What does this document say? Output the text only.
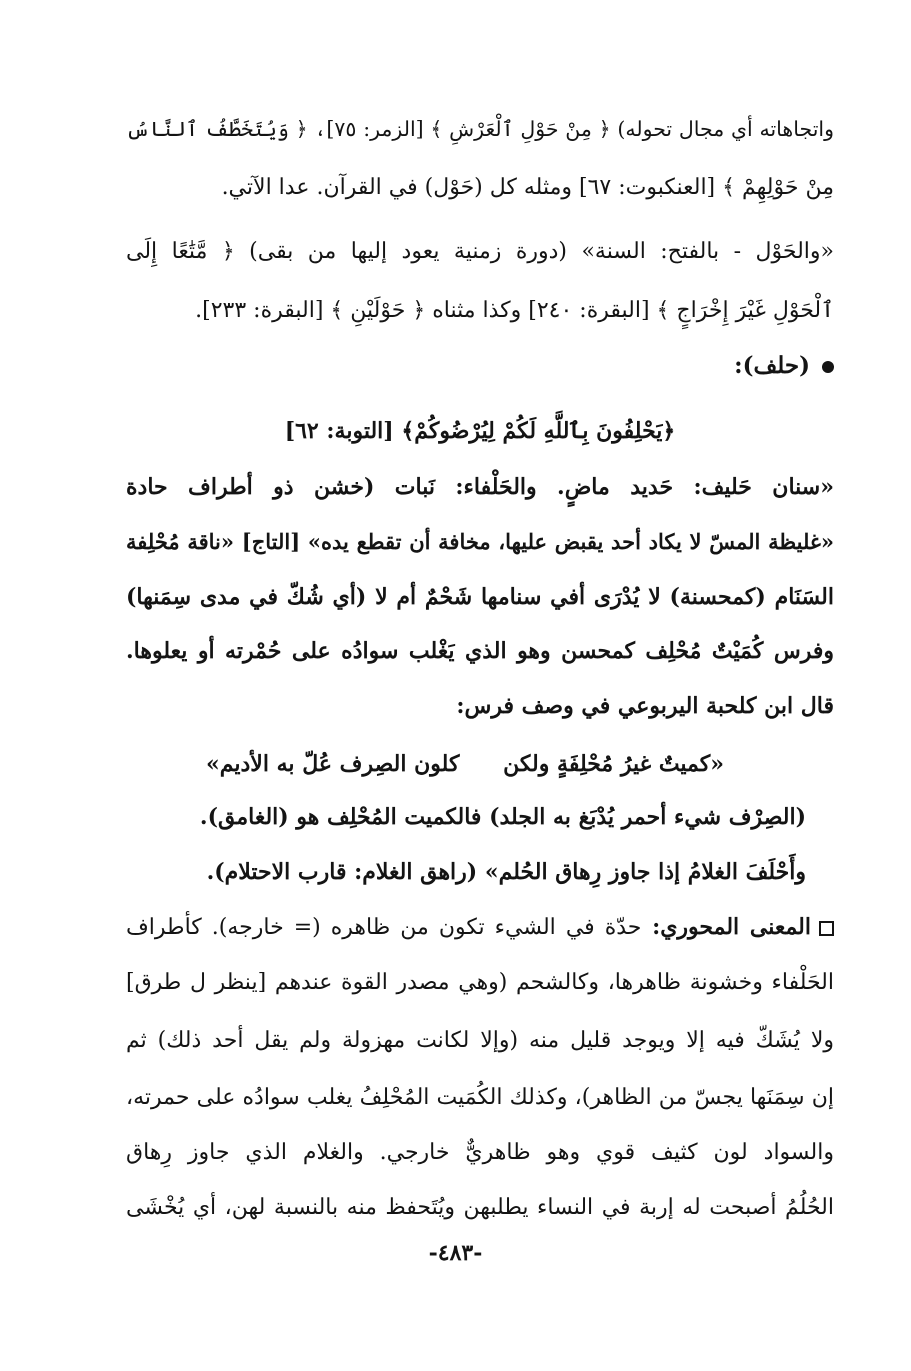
واتجاهاته أي مجال تحوله) ﴿ مِنْ حَوْلِ ٱلْعَرْشِ ﴾ [الزمر: ٧٥]، ﴿ وَيُتَخَطَّفُ ٱلنَّاسُ
مِنْ حَوْلِهِمْ ﴾ [العنكبوت: ٦٧] ومثله كل (حَوْل) في القرآن. عدا الآتي.
«والحَوْل - بالفتح: السنة» (دورة زمنية يعود إليها من بقى) ﴿ مَّتَٰعًا إِلَى
ٱلْحَوْلِ غَيْرَ إِخْرَاجٍ ﴾ [البقرة: ٢٤٠] وكذا مثناه ﴿ حَوْلَيْنِ ﴾ [البقرة: ٢٣٣].
(حلف):
﴿يَحْلِفُونَ بِٱللَّهِ لَكُمْ لِيُرْضُوكُمْ﴾ [التوبة: ٦٢]
«سنان حَليف: حَديد ماضٍ. والحَلْفاء: نَبات (خشن ذو أطراف حادة
«غليظة المسّ لا يكاد أحد يقبض عليها، مخافة أن تقطع يده» [التاج] «ناقة مُحْلِفة
السَنَام (كمحسنة) لا يُدْرَى أفي سنامها شَحْمٌ أم لا (أي شُكّ في مدى سِمَنها)
وفرس كُمَيْتٌ مُحْلِف كمحسن وهو الذي يَغْلب سوادُه على حُمْرته أو يعلوها.
قال ابن كلحبة اليربوعي في وصف فرس:
«كميتٌ غيرُ مُحْلِفَةٍ ولكن
كلون الصِرف عُلّ به الأديم»
(الصِرْف شيء أحمر يُدْبَغ به الجلد) فالكميت المُحْلِف هو (الغامق).
وأَحْلَفَ الغلامُ إذا جاوز رِهاق الحُلم» (راهق الغلام: قارب الاحتلام).
المعنى المحوري: حدّة في الشيء تكون من ظاهره (= خارجه). كأطراف
الحَلْفاء وخشونة ظاهرها، وكالشحم (وهي مصدر القوة عندهم [ينظر ل طرق]
ولا يُشَكّ فيه إلا ويوجد قليل منه (وإلا لكانت مهزولة ولم يقل أحد ذلك) ثم
إن سِمَنَها يجسّ من الظاهر)، وكذلك الكُمَيت المُحْلِفُ يغلب سوادُه على حمرته،
والسواد لون كثيف قوي وهو ظاهريٌّ خارجي. والغلام الذي جاوز رِهاق
الحُلُمُ أصبحت له إربة في النساء يطلبهن ويُتَحفظ منه بالنسبة لهن، أي يُخْشَى
-٤٨٣-
